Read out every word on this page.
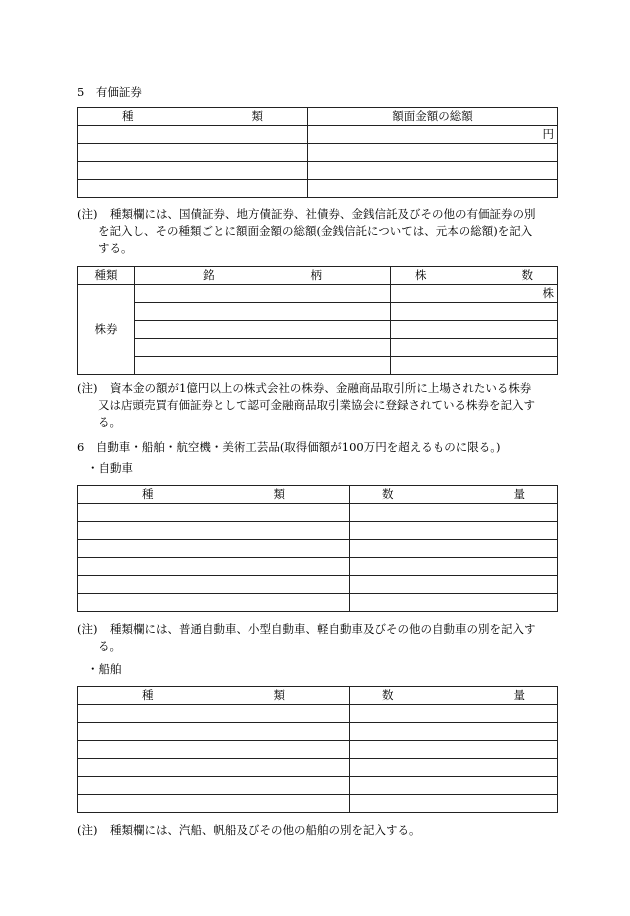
5　有価証券
種 類	額面金額の総額
	円

(注) 種類欄には、国債証券、地方債証券、社債券、金銭信託及びその他の有価証券の別
を記入し、その種類ごとに額面金額の総額(金銭信託については、元本の総額)を記入
する。
種類	銘 柄	株 数

株券		株

(注) 資本金の額が1億円以上の株式会社の株券、金融商品取引所に上場されたいる株券
又は店頭売買有価証券として認可金融商品取引業協会に登録されている株券を記入す
る。
6　自動車・船舶・航空機・美術工芸品(取得価額が100万円を超えるものに限る。)
・自動車
種 類	数 量

(注) 種類欄には、普通自動車、小型自動車、軽自動車及びその他の自動車の別を記入す
る。
・船舶
種 類	数 量

(注) 種類欄には、汽船、帆船及びその他の船舶の別を記入する。
